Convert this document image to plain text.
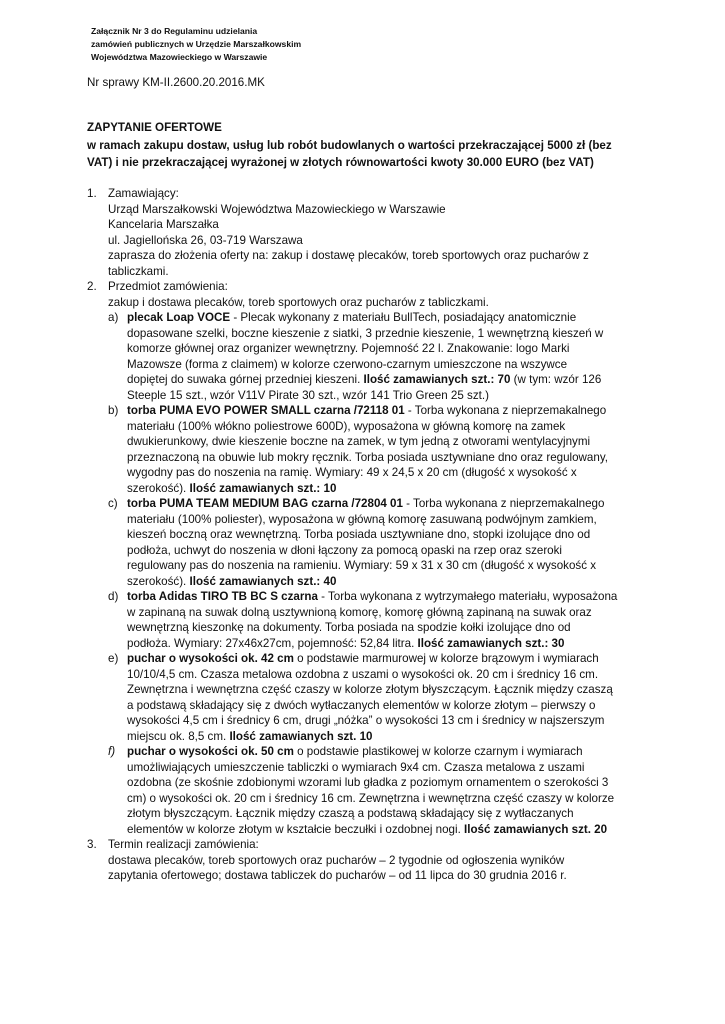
Załącznik Nr 3 do Regulaminu udzielania
zamówień publicznych w Urzędzie Marszałkowskim
Województwa Mazowieckiego w Warszawie
Nr sprawy KM-II.2600.20.2016.MK
ZAPYTANIE OFERTOWE
w ramach zakupu dostaw, usług lub robót budowlanych o wartości przekraczającej 5000 zł (bez
VAT) i nie przekraczającej wyrażonej w złotych równowartości kwoty 30.000 EURO (bez VAT)
1. Zamawiający:
Urząd Marszałkowski Województwa Mazowieckiego w Warszawie
Kancelaria Marszałka
ul. Jagiellońska 26, 03-719 Warszawa
zaprasza do złożenia oferty na: zakup i dostawę plecaków, toreb sportowych oraz pucharów z
tabliczkami.
2. Przedmiot zamówienia:
zakup i dostawa plecaków, toreb sportowych oraz pucharów z tabliczkami.
a) plecak Loap VOCE - Plecak wykonany z materiału BullTech, posiadający anatomicznie
dopasowane szelki, boczne kieszenie z siatki, 3 przednie kieszenie, 1 wewnętrzną kieszeń w
komorze głównej oraz organizer wewnętrzny. Pojemność 22 l. Znakowanie: logo Marki
Mazowsze (forma z claimem) w kolorze czerwono-czarnym umieszczone na wszywce
dopiętej do suwaka górnej przedniej kieszeni. Ilość zamawianych szt.: 70 (w tym: wzór 126
Steeple 15 szt., wzór V11V Pirate 30 szt., wzór 141 Trio Green 25 szt.)
b) torba PUMA EVO POWER SMALL czarna /72118 01 - Torba wykonana z nieprzemakalnego
materiału (100% włókno poliestrowe 600D), wyposażona w główną komorę na zamek
dwukierunkowy, dwie kieszenie boczne na zamek, w tym jedną z otworami wentylacyjnymi
przeznaczoną na obuwie lub mokry ręcznik. Torba posiada usztywniane dno oraz regulowany,
wygodny pas do noszenia na ramię. Wymiary: 49 x 24,5 x 20 cm (długość x wysokość x
szerokość). Ilość zamawianych szt.: 10
c) torba PUMA TEAM MEDIUM BAG czarna /72804 01 - Torba wykonana z nieprzemakalnego
materiału (100% poliester), wyposażona w główną komorę zasuwaną podwójnym zamkiem,
kieszeń boczną oraz wewnętrzną. Torba posiada usztywniane dno, stopki izolujące dno od
podłoża, uchwyt do noszenia w dłoni łączony za pomocą opaski na rzep oraz szeroki
regulowany pas do noszenia na ramieniu. Wymiary: 59 x 31 x 30 cm (długość x wysokość x
szerokość). Ilość zamawianych szt.: 40
d) torba Adidas TIRO TB BC S czarna - Torba wykonana z wytrzymałego materiału, wyposażona
w zapinaną na suwak dolną usztywnioną komorę, komorę główną zapinaną na suwak oraz
wewnętrzną kieszonkę na dokumenty. Torba posiada na spodzie kołki izolujące dno od
podłoża. Wymiary: 27x46x27cm, pojemność: 52,84 litra. Ilość zamawianych szt.: 30
e) puchar o wysokości ok. 42 cm o podstawie marmurowej w kolorze brązowym i wymiarach
10/10/4,5 cm. Czasza metalowa ozdobna z uszami o wysokości ok. 20 cm i średnicy 16 cm.
Zewnętrzna i wewnętrzna część czaszy w kolorze złotym błyszczącym. Łącznik między czaszą
a podstawą składający się z dwóch wytłaczanych elementów w kolorze złotym – pierwszy o
wysokości 4,5 cm i średnicy 6 cm, drugi „nóżka” o wysokości 13 cm i średnicy w najszerszym
miejscu ok. 8,5 cm. Ilość zamawianych szt. 10
f) puchar o wysokości ok. 50 cm o podstawie plastikowej w kolorze czarnym i wymiarach
umożliwiających umieszczenie tabliczki o wymiarach 9x4 cm. Czasza metalowa z uszami
ozdobna (ze skośnie zdobionymi wzorami lub gładka z poziomym ornamentem o szerokości 3
cm) o wysokości ok. 20 cm i średnicy 16 cm. Zewnętrzna i wewnętrzna część czaszy w kolorze
złotym błyszczącym. Łącznik między czaszą a podstawą składający się z wytłaczanych
elementów w kolorze złotym w kształcie beczułki i ozdobnej nogi. Ilość zamawianych szt. 20
3. Termin realizacji zamówienia:
dostawa plecaków, toreb sportowych oraz pucharów – 2 tygodnie od ogłoszenia wyników
zapytania ofertowego; dostawa tabliczek do pucharów – od 11 lipca do 30 grudnia 2016 r.
